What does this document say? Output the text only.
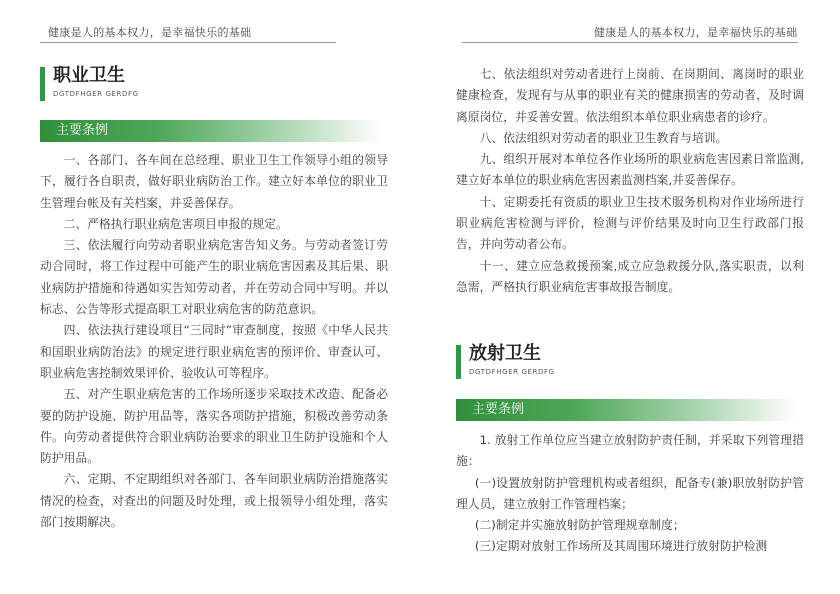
健康是人的基本权力，是幸福快乐的基础
职业卫生
DGTDFHGER GERDFG
主要条例

一、各部门、各车间在总经理、职业卫生工作领导小组的领导下，履行各自职责，做好职业病防治工作。建立好本单位的职业卫生管理台帐及有关档案，并妥善保存。

二、严格执行职业病危害项目申报的规定。

三、依法履行向劳动者职业病危害告知义务。与劳动者签订劳动合同时，将工作过程中可能产生的职业病危害因素及其后果、职业病防护措施和待遇如实告知劳动者，并在劳动合同中写明。并以标志、公告等形式提高职工对职业病危害的防范意识。

四、依法执行建设项目“三同时”审查制度，按照《中华人民共和国职业病防治法》的规定进行职业病危害的预评价、审查认可、职业病危害控制效果评价、验收认可等程序。

五、对产生职业病危害的工作场所逐步采取技术改造、配备必要的防护设施、防护用品等，落实各项防护措施，积极改善劳动条件。向劳动者提供符合职业病防治要求的职业卫生防护设施和个人防护用品。

六、定期、不定期组织对各部门、各车间职业病防治措施落实情况的检查，对查出的问题及时处理，或上报领导小组处理，落实部门按期解决。

健康是人的基本权力，是幸福快乐的基础

七、依法组织对劳动者进行上岗前、在岗期间、离岗时的职业健康检查，发现有与从事的职业有关的健康损害的劳动者，及时调离原岗位，并妥善安置。依法组织本单位职业病患者的诊疗。

八、依法组织对劳动者的职业卫生教育与培训。

九、组织开展对本单位各作业场所的职业病危害因素日常监测,建立好本单位的职业病危害因素监测档案,并妥善保存。

十、定期委托有资质的职业卫生技术服务机构对作业场所进行职业病危害检测与评价，检测与评价结果及时向卫生行政部门报告，并向劳动者公布。

十一、建立应急救援预案,成立应急救援分队,落实职责，以利急需，严格执行职业病危害事故报告制度。

放射卫生
DGTDFHGER GERDFG
主要条例

1. 放射工作单位应当建立放射防护责任制，并采取下列管理措施：

(一)设置放射防护管理机构或者组织，配备专(兼)职放射防护管理人员，建立放射工作管理档案；

(二)制定并实施放射防护管理规章制度；

(三)定期对放射工作场所及其周围环境进行放射防护检测
